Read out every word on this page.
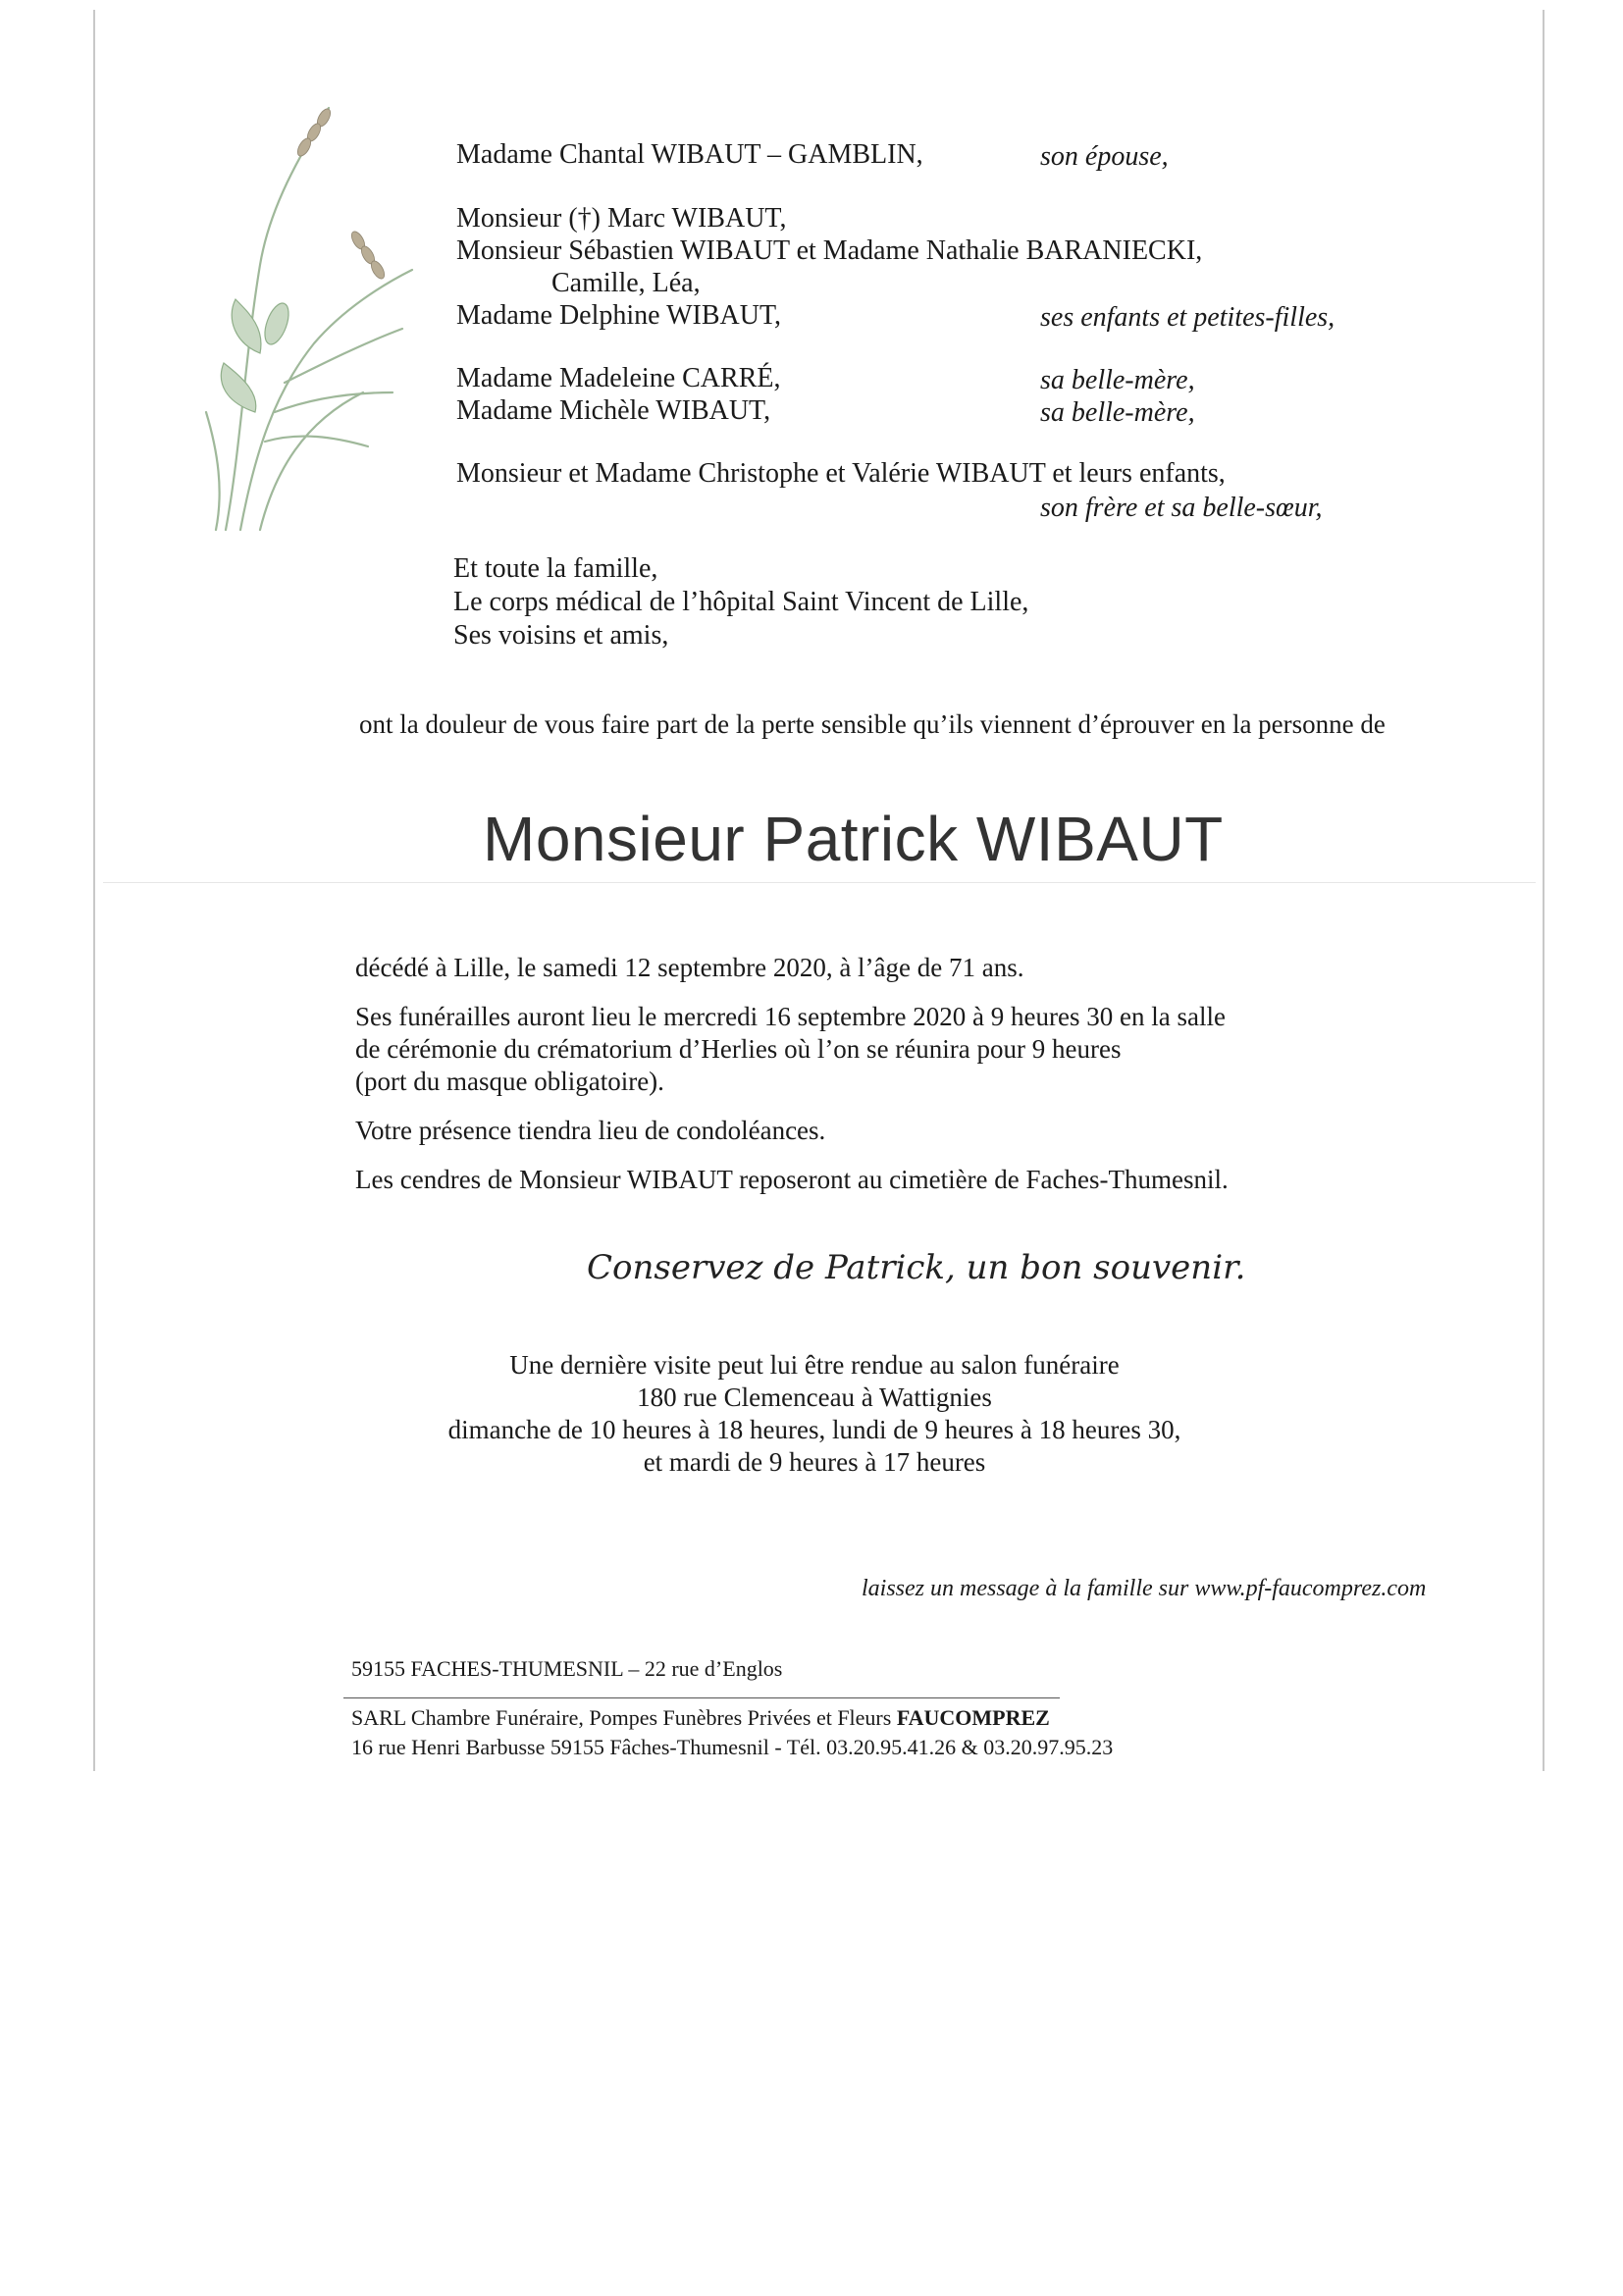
Madame Chantal WIBAUT – GAMBLIN,	son épouse,
Monsieur (†) Marc WIBAUT,
Monsieur Sébastien WIBAUT et Madame Nathalie BARANIECKI,
Camille, Léa,
Madame Delphine WIBAUT,	ses enfants et petites-filles,
Madame Madeleine CARRÉ,	sa belle-mère,
Madame Michèle WIBAUT,	sa belle-mère,
Monsieur et Madame Christophe et Valérie WIBAUT et leurs enfants,
son frère et sa belle-sœur,
Et toute la famille,
Le corps médical de l’hôpital Saint Vincent de Lille,
Ses voisins et amis,
ont la douleur de vous faire part de la perte sensible qu’ils viennent d’éprouver en la personne de
Monsieur Patrick WIBAUT
décédé à Lille, le samedi 12 septembre 2020, à l’âge de 71 ans.
Ses funérailles auront lieu le mercredi 16 septembre 2020 à 9 heures 30 en la salle
de cérémonie du crématorium d’Herlies où l’on se réunira pour 9 heures
(port du masque obligatoire).
Votre présence tiendra lieu de condoléances.
Les cendres de Monsieur WIBAUT reposeront au cimetière de Faches-Thumesnil.
Conservez de Patrick, un bon souvenir.
Une dernière visite peut lui être rendue au salon funéraire
180 rue Clemenceau à Wattignies
dimanche de 10 heures à 18 heures, lundi de 9 heures à 18 heures 30,
et mardi de 9 heures à 17 heures
laissez un message à la famille sur www.pf-faucomprez.com
59155 FACHES-THUMESNIL – 22 rue d’Englos
SARL Chambre Funéraire, Pompes Funèbres Privées et Fleurs FAUCOMPREZ
16 rue Henri Barbusse 59155 Fâches-Thumesnil - Tél. 03.20.95.41.26 & 03.20.97.95.23
